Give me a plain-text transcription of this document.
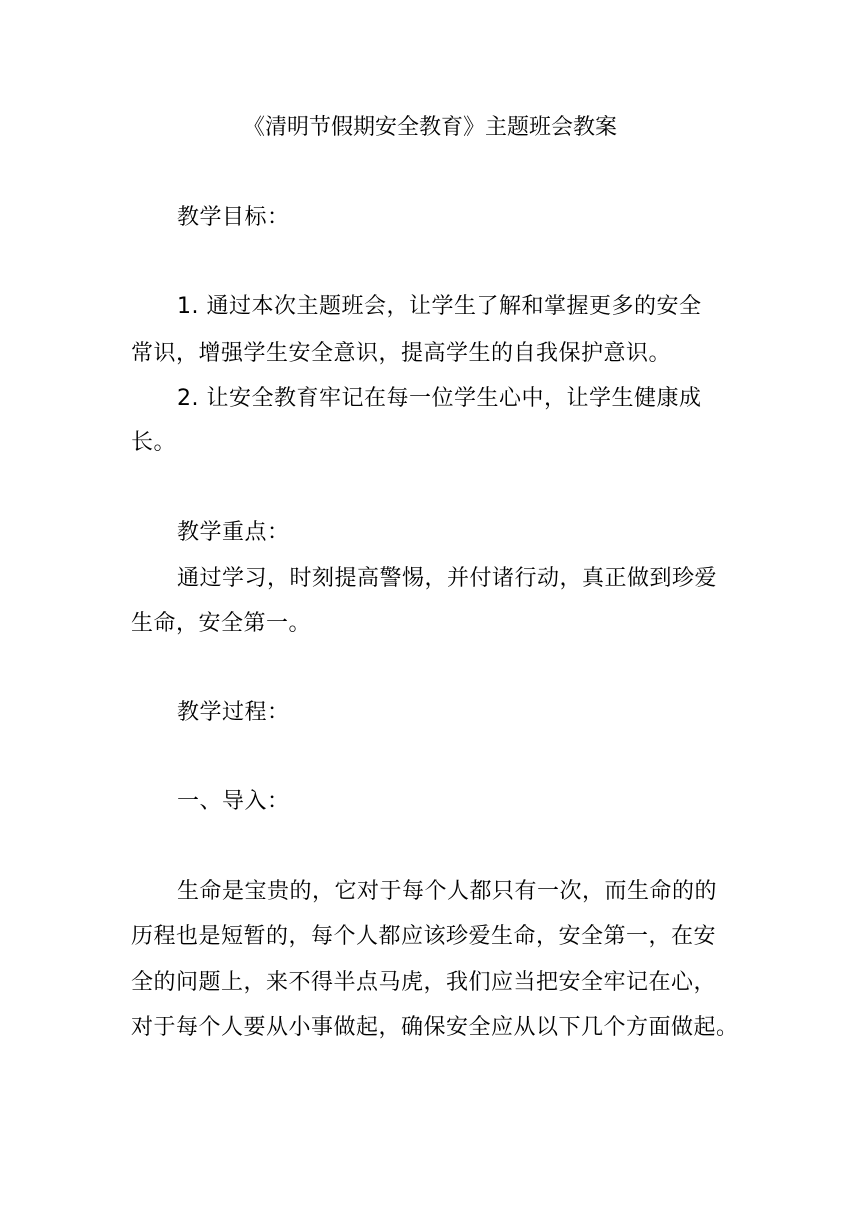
《清明节假期安全教育》主题班会教案
教学目标：
1. 通过本次主题班会，让学生了解和掌握更多的安全
常识，增强学生安全意识，提高学生的自我保护意识。
2. 让安全教育牢记在每一位学生心中，让学生健康成
长。
教学重点：
通过学习，时刻提高警惕，并付诸行动，真正做到珍爱
生命，安全第一。
教学过程：
一、导入：
生命是宝贵的，它对于每个人都只有一次，而生命的的
历程也是短暂的，每个人都应该珍爱生命，安全第一，在安
全的问题上，来不得半点马虎，我们应当把安全牢记在心，
对于每个人要从小事做起，确保安全应从以下几个方面做起。
